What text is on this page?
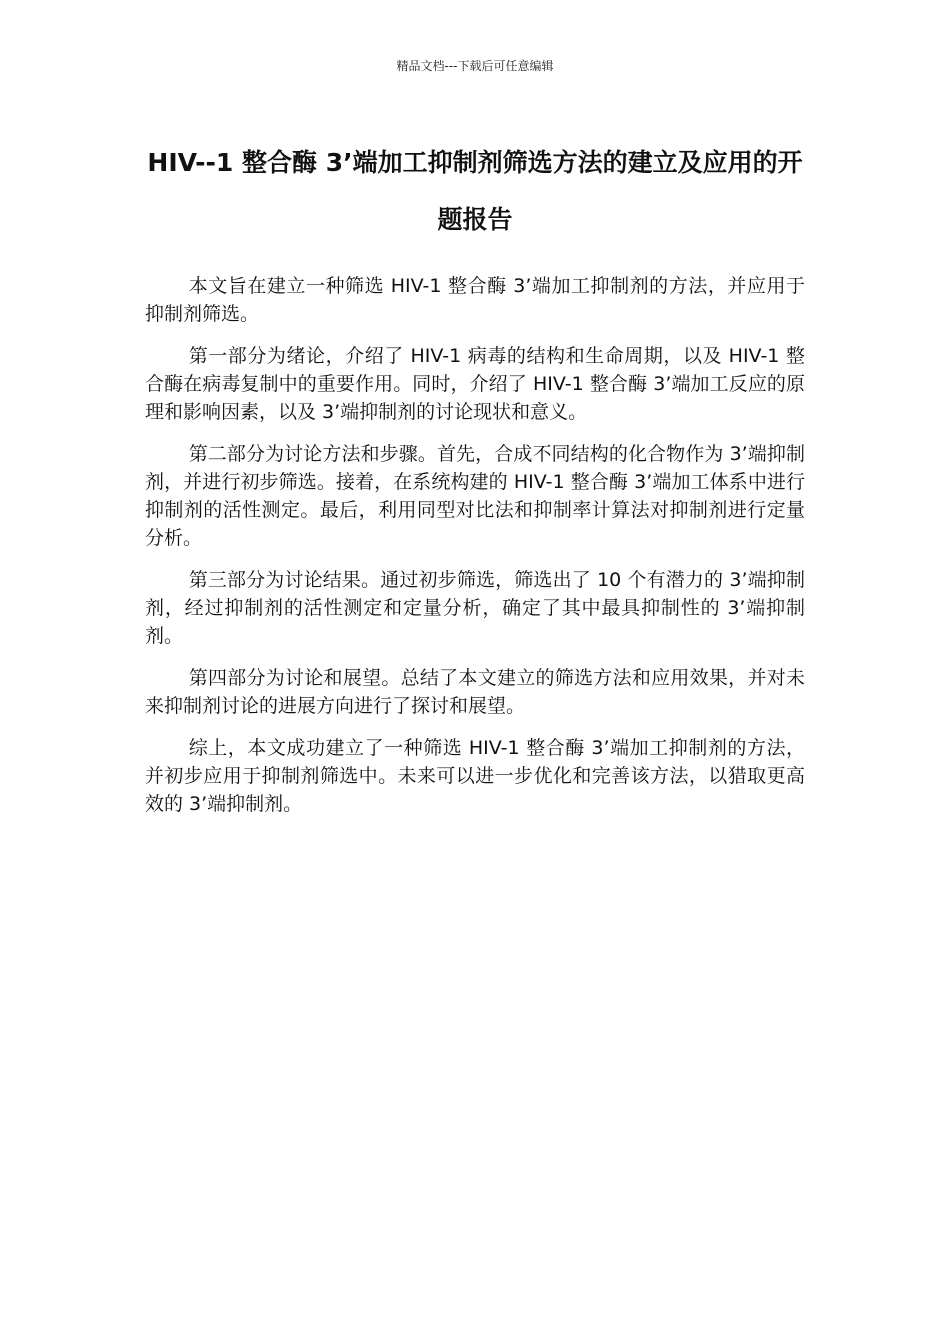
精品文档---下载后可任意编辑
HIV--1 整合酶 3’端加工抑制剂筛选方法的建立及应用的开题报告

本文旨在建立一种筛选 HIV-1 整合酶 3’端加工抑制剂的方法，并应用于抑制剂筛选。

第一部分为绪论，介绍了 HIV-1 病毒的结构和生命周期，以及 HIV-1 整合酶在病毒复制中的重要作用。同时，介绍了 HIV-1 整合酶 3’端加工反应的原理和影响因素，以及 3’端抑制剂的讨论现状和意义。

第二部分为讨论方法和步骤。首先，合成不同结构的化合物作为 3’端抑制剂，并进行初步筛选。接着，在系统构建的 HIV-1 整合酶 3’端加工体系中进行抑制剂的活性测定。最后，利用同型对比法和抑制率计算法对抑制剂进行定量分析。

第三部分为讨论结果。通过初步筛选，筛选出了 10 个有潜力的 3’端抑制剂，经过抑制剂的活性测定和定量分析，确定了其中最具抑制性的 3’端抑制剂。

第四部分为讨论和展望。总结了本文建立的筛选方法和应用效果，并对未来抑制剂讨论的进展方向进行了探讨和展望。

综上，本文成功建立了一种筛选 HIV-1 整合酶 3’端加工抑制剂的方法，并初步应用于抑制剂筛选中。未来可以进一步优化和完善该方法，以猎取更高效的 3’端抑制剂。
